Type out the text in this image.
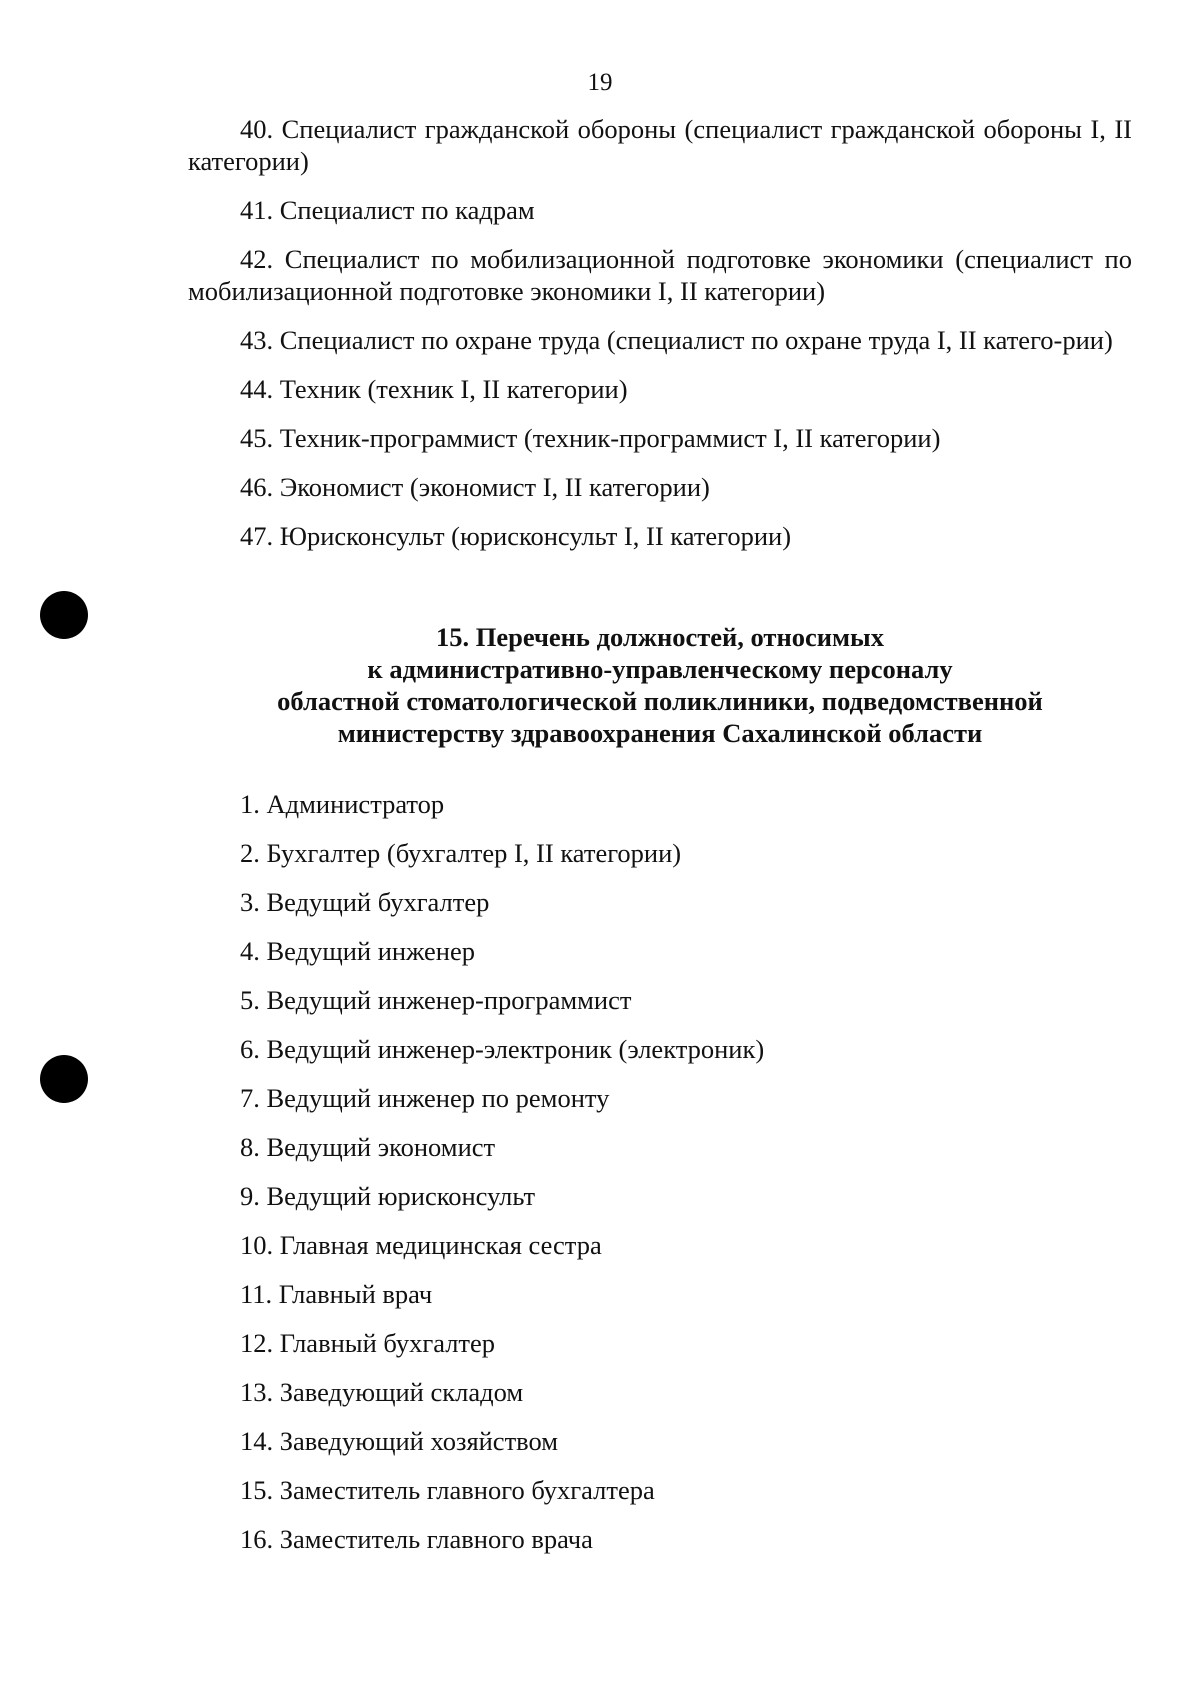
19
40. Специалист гражданской обороны (специалист гражданской обороны I, II категории)
41. Специалист по кадрам
42. Специалист по мобилизационной подготовке экономики (специалист по мобилизационной подготовке экономики I, II категории)
43. Специалист по охране труда (специалист по охране труда I, II катего-рии)
44. Техник (техник I, II категории)
45. Техник-программист (техник-программист I, II категории)
46. Экономист (экономист I, II категории)
47. Юрисконсульт (юрисконсульт I, II категории)
15. Перечень должностей, относимых
к административно-управленческому персоналу
областной стоматологической поликлиники, подведомственной
министерству здравоохранения Сахалинской области
1. Администратор
2. Бухгалтер (бухгалтер I, II категории)
3. Ведущий бухгалтер
4. Ведущий инженер
5. Ведущий инженер-программист
6. Ведущий инженер-электроник (электроник)
7. Ведущий инженер по ремонту
8. Ведущий экономист
9. Ведущий юрисконсульт
10. Главная медицинская сестра
11. Главный врач
12. Главный бухгалтер
13. Заведующий складом
14. Заведующий хозяйством
15. Заместитель главного бухгалтера
16. Заместитель главного врача
